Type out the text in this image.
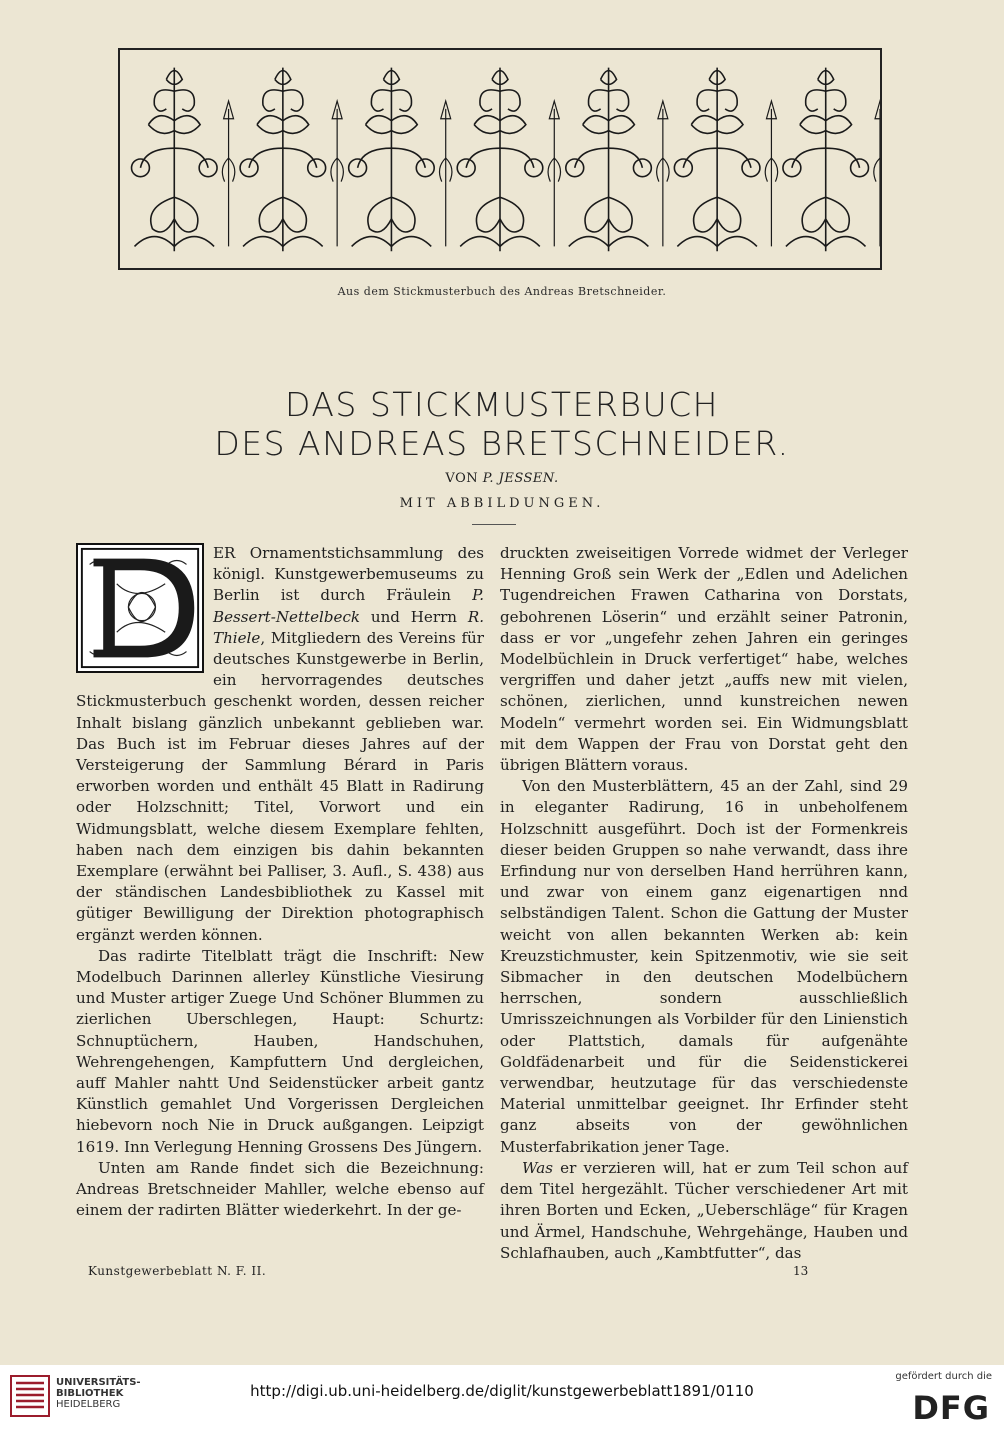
Aus dem Stickmusterbuch des Andreas Bretschneider.
DAS STICKMUSTERBUCH
DES ANDREAS BRETSCHNEIDER.
VON P. JESSEN.
MIT ABBILDUNGEN.

ER Ornamentstichsammlung des königl. Kunstgewerbemuseums zu Berlin ist durch Fräulein P. Bessert-Nettelbeck und Herrn R. Thiele, Mitgliedern des Vereins für deutsches Kunstgewerbe in Berlin, ein hervorragendes deutsches Stickmusterbuch geschenkt worden, dessen reicher Inhalt bislang gänzlich unbekannt geblieben war. Das Buch ist im Februar dieses Jahres auf der Versteigerung der Sammlung Bérard in Paris erworben worden und enthält 45 Blatt in Radirung oder Holzschnitt; Titel, Vorwort und ein Widmungsblatt, welche diesem Exemplare fehlten, haben nach dem einzigen bis dahin bekannten Exemplare (erwähnt bei Palliser, 3. Aufl., S. 438) aus der ständischen Landesbibliothek zu Kassel mit gütiger Bewilligung der Direktion photographisch ergänzt werden können.

Das radirte Titelblatt trägt die Inschrift: New Modelbuch Darinnen allerley Künstliche Viesirung und Muster artiger Zuege Und Schöner Blummen zu zierlichen Uberschlegen, Haupt: Schurtz: Schnuptüchern, Hauben, Handschuhen, Wehrengehengen, Kampfuttern Und dergleichen, auff Mahler nahtt Und Seidenstücker arbeit gantz Künstlich gemahlet Und Vorgerissen Dergleichen hiebevorn noch Nie in Druck außgangen. Leipzigt 1619. Inn Verlegung Henning Grossens Des Jüngern.

Unten am Rande findet sich die Bezeichnung: Andreas Bretschneider Mahller, welche ebenso auf einem der radirten Blätter wiederkehrt. In der ge-

druckten zweiseitigen Vorrede widmet der Verleger Henning Groß sein Werk der „Edlen und Adelichen Tugendreichen Frawen Catharina von Dorstats, gebohrenen Löserin“ und erzählt seiner Patronin, dass er vor „ungefehr zehen Jahren ein geringes Modelbüchlein in Druck verfertiget“ habe, welches vergriffen und daher jetzt „auffs new mit vielen, schönen, zierlichen, unnd kunstreichen newen Modeln“ vermehrt worden sei. Ein Widmungsblatt mit dem Wappen der Frau von Dorstat geht den übrigen Blättern voraus.

Von den Musterblättern, 45 an der Zahl, sind 29 in eleganter Radirung, 16 in unbeholfenem Holzschnitt ausgeführt. Doch ist der Formenkreis dieser beiden Gruppen so nahe verwandt, dass ihre Erfindung nur von derselben Hand herrühren kann, und zwar von einem ganz eigenartigen nnd selbständigen Talent. Schon die Gattung der Muster weicht von allen bekannten Werken ab: kein Kreuzstichmuster, kein Spitzenmotiv, wie sie seit Sibmacher in den deutschen Modelbüchern herrschen, sondern ausschließlich Umrisszeichnungen als Vorbilder für den Linienstich oder Plattstich, damals für aufgenähte Goldfädenarbeit und für die Seidenstickerei verwendbar, heutzutage für das verschiedenste Material unmittelbar geeignet. Ihr Erfinder steht ganz abseits von der gewöhnlichen Musterfabrikation jener Tage.

Was er verzieren will, hat er zum Teil schon auf dem Titel hergezählt. Tücher verschiedener Art mit ihren Borten und Ecken, „Ueberschläge“ für Kragen und Ärmel, Handschuhe, Wehrgehänge, Hauben und Schlafhauben, auch „Kambtfutter“, das

Kunstgewerbeblatt N. F. II.	13
UNIVERSITÄTS-
BIBLIOTHEK
HEIDELBERG
http://digi.ub.uni-heidelberg.de/diglit/kunstgewerbeblatt1891/0110
gefördert durch die
DFG
